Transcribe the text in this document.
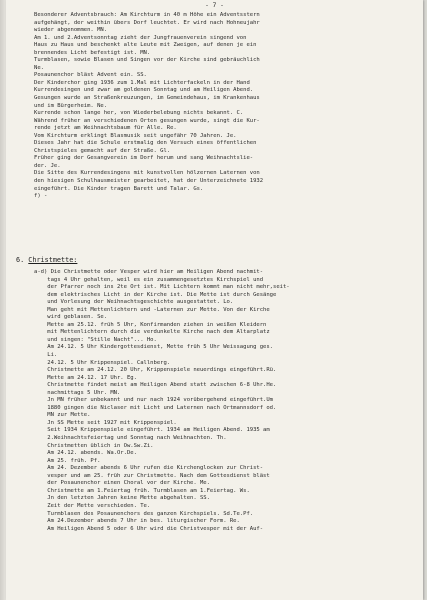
- 7 -
Besonderer Adventsbrauch: Am Kirchturm in 40 m Höhe ein Adventsstern
aufgehängt, der weithin übers Dorf leuchtet. Er wird nach Hohneujahr
wieder abgenommen. MN.
Am 1. und 2.Adventsonntag zieht der Jungfrauenverein singend von
Haus zu Haus und beschenkt alte Leute mit Zweigen, auf denen je ein
brennendes Licht befestigt ist. MN.
Turmblasen, sowie Blasen und Singen vor der Kirche sind gebräuchlich
Ne.
Posaunenchor bläst Advent ein. SS.
Der Kinderchor ging 1936 zum 1.Mal mit Lichterfackeln in der Hand
Kurrendesingen und zwar am goldenen Sonntag und am Heiligen Abend.
Gesungen wurde an Straßenkreuzungen, im Gemeindehaus, im Krankenhaus
und im Bürgerheim. Ne.
Kurrende schon lange her, von Wiederbelebung nichts bekannt. C.
Während früher an verschiedenen Orten gesungen wurde, singt die Kur-
rende jetzt am Weihnachtsbaum für Alle. Re.
Vom Kirchturm erklingt Blasmusik seit ungefähr 70 Jahren. Je.
Dieses Jahr hat die Schule erstmalig den Versuch eines öffentlichen
Christspieles gemacht auf der Straße. Gl.
Früher ging der Gesangverein im Dorf herum und sang Weihnachtslie-
der. Je.
Die Sitte des Kurrendesingens mit kunstvollen hölzernen Laternen von
den hiesigen Schulhausmeister gearbeitet, hat der Unterzeichnete 1932
eingeführt. Die Kinder tragen Barett und Talar. Gs.
f) -
6. Christmette:
a-d) Die Christmette oder Vesper wird hier am Heiligen Abend nachmit-
tags 4 Uhr gehalten, weil es ein zusammengesetztes Kirchspiel und
der Pfarrer noch ins 2te Ort ist. Mit Lichtern kommt man nicht mehr,seit-
dem elektrisches Licht in der Kirche ist. Die Mette ist durch Gesänge
und Vorlesung der Weihnachtsgeschichte ausgestattet. Lo.
Man geht mit Mettenlichtern und -Laternen zur Mette. Von der Kirche
wird geblasen. Se.
Mette am 25.12. früh 5 Uhr, Konfirmanden ziehen in weißen Kleidern
mit Mettenlichtern durch die verdunkelte Kirche nach dem Altarplatz
und singen: "Stille Nacht"... Ho.
Am 24.12. 5 Uhr Kindergottesdienst, Mette früh 5 Uhr Weissagung ges.
Li.
24.12. 5 Uhr Krippenspiel. Callnberg.
Christmette am 24.12. 20 Uhr, Krippenspiele neuerdings eingeführt.Rü.
Mette am 24.12. 17 Uhr. Eg.
Christmette findet meist am Heiligen Abend statt zwischen 6-8 Uhr.He.
nachmittags 5 Uhr. MN.
Jn MN früher unbekannt und nur nach 1924 vorübergehend eingeführt.Um
1880 gingen die Niclaser mit Licht und Laternen nach Ortmannsdorf od.
MN zur Mette.
Jn SS Mette seit 1927 mit Krippenspiel.
Seit 1934 Krippenspiele eingeführt. 1934 am Heiligen Abend. 1935 am
2.Weihnachtsfeiertag und Sonntag nach Weihnachten. Th.
Christmetten üblich in Ow.Sw.Zi.
Am 24.12. abends. Wa.Or.De.
Am 25. früh. Pf.
Am 24. Dezember abends 6 Uhr rufen die Kirchenglocken zur Christ-
vesper und am 25. früh zur Christmette. Nach dem Gottesdienst bläst
der Posaunenchor einen Choral vor der Kirche. Me.
Christmette am 1.Feiertag früh. Turmblasen am 1.Feiertag. Ws.
Jn den letzten Jahren keine Mette abgehalten. SS.
Zeit der Mette verschieden. Te.
Turmblasen des Posaunenchors des ganzen Kirchspiels. Sd.Te.Pf.
Am 24.Dezember abends 7 Uhr in bes. liturgischer Form. Re.
Am Heiligen Abend 5 oder 6 Uhr wird die Christvesper mit der Auf-
